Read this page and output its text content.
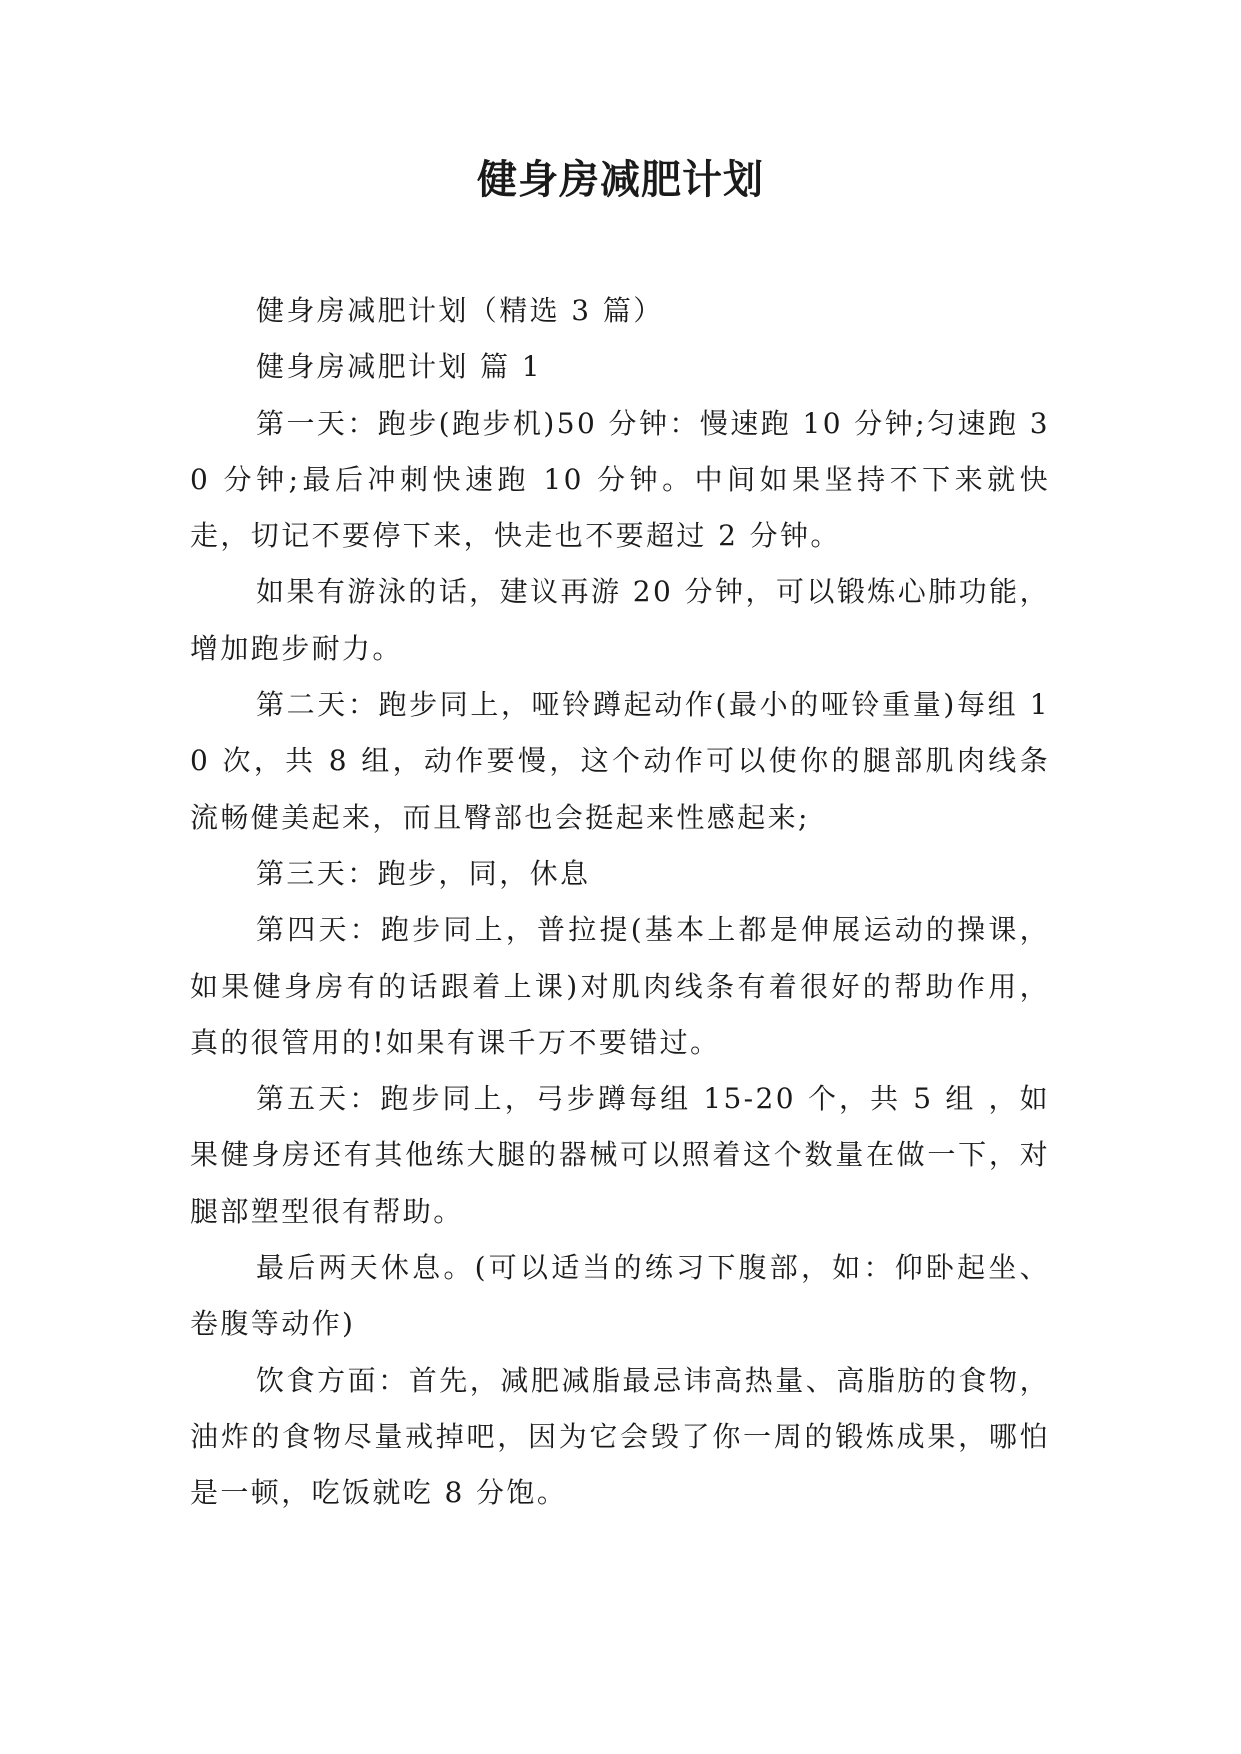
健身房减肥计划

健身房减肥计划（精选 3 篇）

健身房减肥计划 篇 1

第一天：跑步(跑步机)50 分钟：慢速跑 10 分钟;匀速跑 30 分钟;最后冲刺快速跑 10 分钟。中间如果坚持不下来就快走，切记不要停下来，快走也不要超过 2 分钟。

如果有游泳的话，建议再游 20 分钟，可以锻炼心肺功能，增加跑步耐力。

第二天：跑步同上，哑铃蹲起动作(最小的哑铃重量)每组 10 次，共 8 组，动作要慢，这个动作可以使你的腿部肌肉线条流畅健美起来，而且臀部也会挺起来性感起来;

第三天：跑步，同，休息

第四天：跑步同上，普拉提(基本上都是伸展运动的操课，如果健身房有的话跟着上课)对肌肉线条有着很好的帮助作用，真的很管用的!如果有课千万不要错过。

第五天：跑步同上，弓步蹲每组 15-20 个，共 5 组 ，如果健身房还有其他练大腿的器械可以照着这个数量在做一下，对腿部塑型很有帮助。

最后两天休息。(可以适当的练习下腹部，如：仰卧起坐、卷腹等动作)

饮食方面：首先，减肥减脂最忌讳高热量、高脂肪的食物，油炸的食物尽量戒掉吧，因为它会毁了你一周的锻炼成果，哪怕是一顿，吃饭就吃 8 分饱。
